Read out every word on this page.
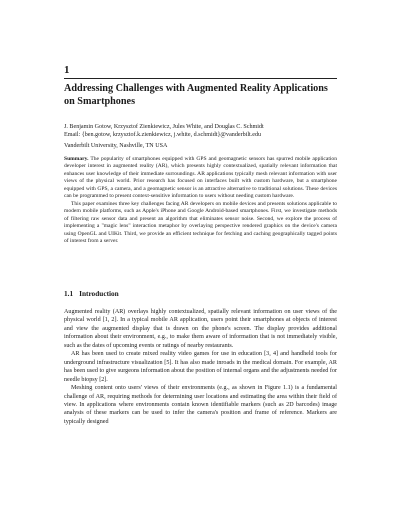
1
Addressing Challenges with Augmented Reality Applications on Smartphones
J. Benjamin Gotow, Krzysztof Zienkiewicz, Jules White, and Douglas C. Schmidt
Email: {ben.gotow, krzysztof.k.zienkiewicz, j.white, d.schmidt}@vanderbilt.edu
Vanderbilt University, Nashville, TN USA

Summary. The popularity of smartphones equipped with GPS and geomagnetic sensors has spurred mobile application developer interest in augmented reality (AR), which presents highly contextualized, spatially relevant information that enhances user knowledge of their immediate surroundings. AR applications typically mesh relevant information with user views of the physical world. Prior research has focused on interfaces built with custom hardware, but a smartphone equipped with GPS, a camera, and a geomagnetic sensor is an attractive alternative to traditional solutions. These devices can be programmed to present context-sensitive information to users without needing custom hardware.

This paper examines three key challenges facing AR developers on mobile devices and presents solutions applicable to modern mobile platforms, such as Apple's iPhone and Google Android-based smartphones. First, we investigate methods of filtering raw sensor data and present an algorithm that eliminates sensor noise. Second, we explore the process of implementing a "magic lens" interaction metaphor by overlaying perspective rendered graphics on the device's camera using OpenGL and UIKit. Third, we provide an efficient technique for fetching and caching geographically tagged points of interest from a server.

1.1 Introduction

Augmented reality (AR) overlays highly contextualized, spatially relevant information on user views of the physical world [1, 2]. In a typical mobile AR application, users point their smartphones at objects of interest and view the augmented display that is drawn on the phone's screen. The display provides additional information about their environment, e.g., to make them aware of information that is not immediately visible, such as the dates of upcoming events or ratings of nearby restaurants.

AR has been used to create mixed reality video games for use in education [3, 4] and handheld tools for underground infrastructure visualization [5]. It has also made inroads in the medical domain. For example, AR has been used to give surgeons information about the position of internal organs and the adjustments needed for needle biopsy [2].

Meshing content onto users' views of their environments (e.g., as shown in Figure 1.1) is a fundamental challenge of AR, requiring methods for determining user locations and estimating the area within their field of view. In applications where environments contain known identifiable markers (such as 2D barcodes) image analysis of these markers can be used to infer the camera's position and frame of reference. Markers are typically designed
